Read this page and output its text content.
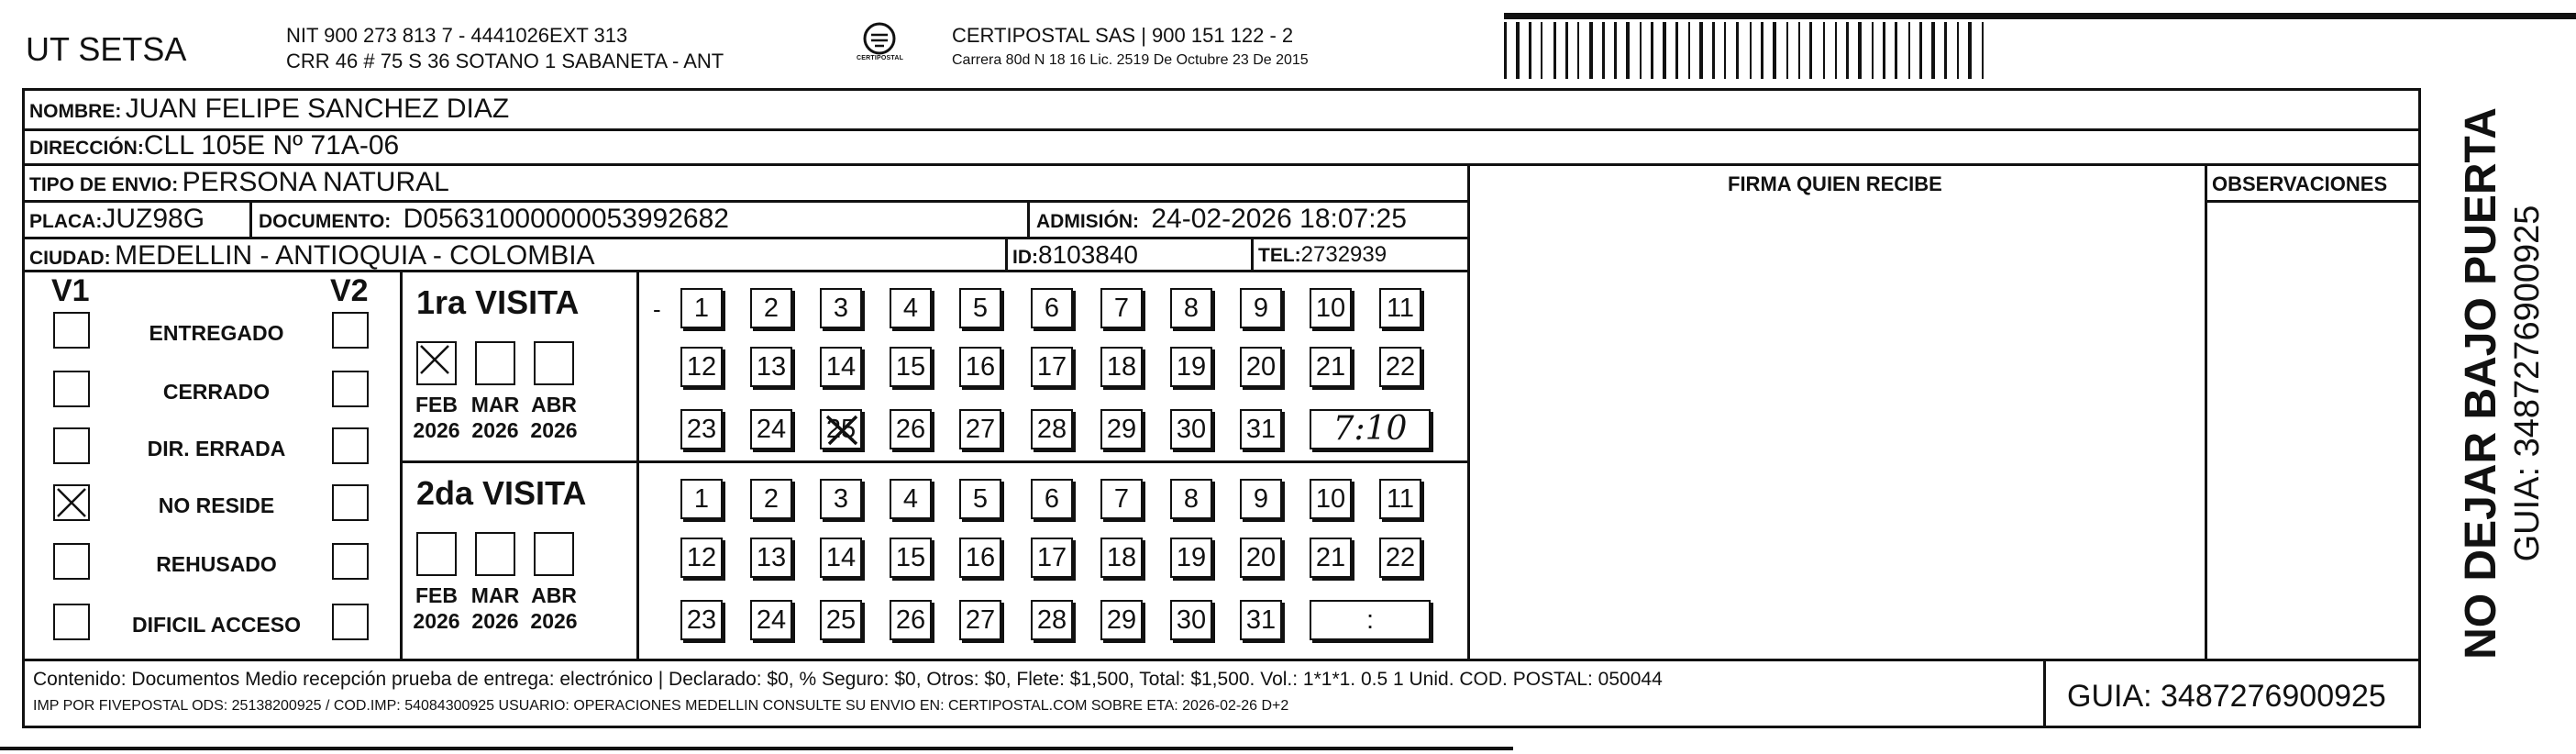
UT SETSA	NIT 900 273 813 7 - 4441026EXT 313
CRR 46 # 75 S 36 SOTANO 1 SABANETA - ANT	CERTIPOSTAL
CERTIPOSTAL SAS | 900 151 122 - 2
Carrera 80d N 18 16 Lic. 2519 De Octubre 23 De 2015
NOMBRE: JUAN FELIPE SANCHEZ DIAZ
DIRECCIÓN:CLL 105E Nº 71A-06
TIPO DE ENVIO: PERSONA NATURAL
PLACA:JUZ98G	DOCUMENTO: D05631000000053992682	ADMISIÓN: 24-02-2026 18:07:25
CIUDAD: MEDELLIN - ANTIOQUIA - COLOMBIA	ID:8103840	TEL:2732939
FIRMA QUIEN RECIBE	OBSERVACIONES
V1	V2
ENTREGADO
CERRADO
DIR. ERRADA
NO RESIDE
REHUSADO
DIFICIL ACCESO
1ra VISITA
FEB
2026
MAR
2026
ABR
2026
-	1	2	3	4	5	6	7	8	9	10 11
12 13 14 15 16 17 18 19 20 21 22
23 24 25 26 27 28 29 30 31	7:10
2da VISITA
FEB
2026
MAR
2026
ABR
2026
1	2	3	4	5	6	7	8	9	10 11
12 13 14 15 16 17 18 19 20 21 22
23 24 25 26 27 28 29 30 31	:
Contenido: Documentos Medio recepción prueba de entrega: electrónico | Declarado: $0, % Seguro: $0, Otros: $0, Flete: $1,500, Total: $1,500. Vol.: 1*1*1. 0.5 1 Unid. COD. POSTAL: 050044
IMP POR FIVEPOSTAL ODS: 25138200925 / COD.IMP: 54084300925 USUARIO: OPERACIONES MEDELLIN CONSULTE SU ENVIO EN: CERTIPOSTAL.COM SOBRE ETA: 2026-02-26 D+2	GUIA: 3487276900925
NO DEJAR BAJO PUERTA GUIA: 3487276900925
